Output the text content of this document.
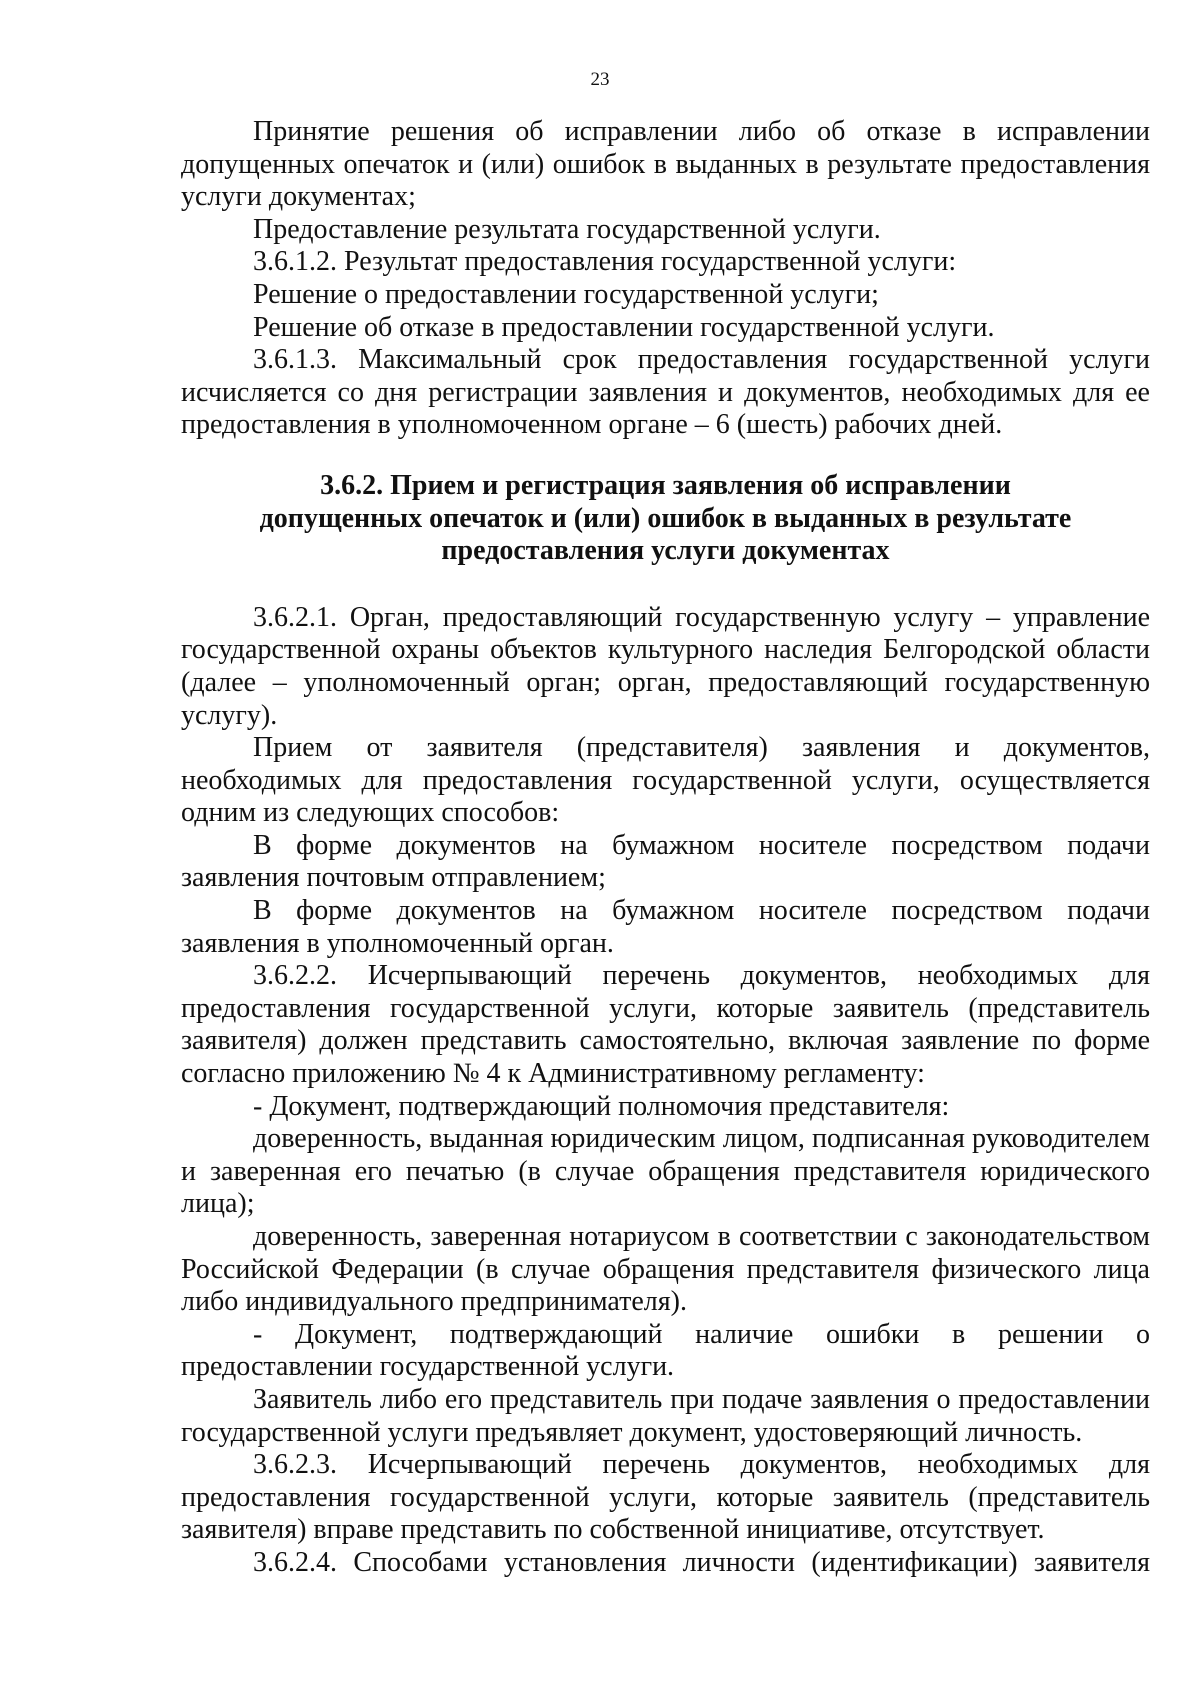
23

Принятие решения об исправлении либо об отказе в исправлении допущенных опечаток и (или) ошибок в выданных в результате предоставления услуги документах;

Предоставление результата государственной услуги.

3.6.1.2. Результат предоставления государственной услуги:

Решение о предоставлении государственной услуги;

Решение об отказе в предоставлении государственной услуги.

3.6.1.3. Максимальный срок предоставления государственной услуги исчисляется со дня регистрации заявления и документов, необходимых для ее предоставления в уполномоченном органе – 6 (шесть) рабочих дней.

3.6.2. Прием и регистрация заявления об исправлении
допущенных опечаток и (или) ошибок в выданных в результате
предоставления услуги документах

3.6.2.1. Орган, предоставляющий государственную услугу – управление государственной охраны объектов культурного наследия Белгородской области (далее – уполномоченный орган; орган, предоставляющий государственную услугу).

Прием от заявителя (представителя) заявления и документов, необходимых для предоставления государственной услуги, осуществляется одним из следующих способов:

В форме документов на бумажном носителе посредством подачи заявления почтовым отправлением;

В форме документов на бумажном носителе посредством подачи заявления в уполномоченный орган.

3.6.2.2. Исчерпывающий перечень документов, необходимых для предоставления государственной услуги, которые заявитель (представитель заявителя) должен представить самостоятельно, включая заявление по форме согласно приложению № 4 к Административному регламенту:

- Документ, подтверждающий полномочия представителя:

доверенность, выданная юридическим лицом, подписанная руководителем и заверенная его печатью (в случае обращения представителя юридического лица);

доверенность, заверенная нотариусом в соответствии с законодательством Российской Федерации (в случае обращения представителя физического лица либо индивидуального предпринимателя).

- Документ, подтверждающий наличие ошибки в решении о предоставлении государственной услуги.

Заявитель либо его представитель при подаче заявления о предоставлении государственной услуги предъявляет документ, удостоверяющий личность.

3.6.2.3. Исчерпывающий перечень документов, необходимых для предоставления государственной услуги, которые заявитель (представитель заявителя) вправе представить по собственной инициативе, отсутствует.

3.6.2.4. Способами установления личности (идентификации) заявителя
